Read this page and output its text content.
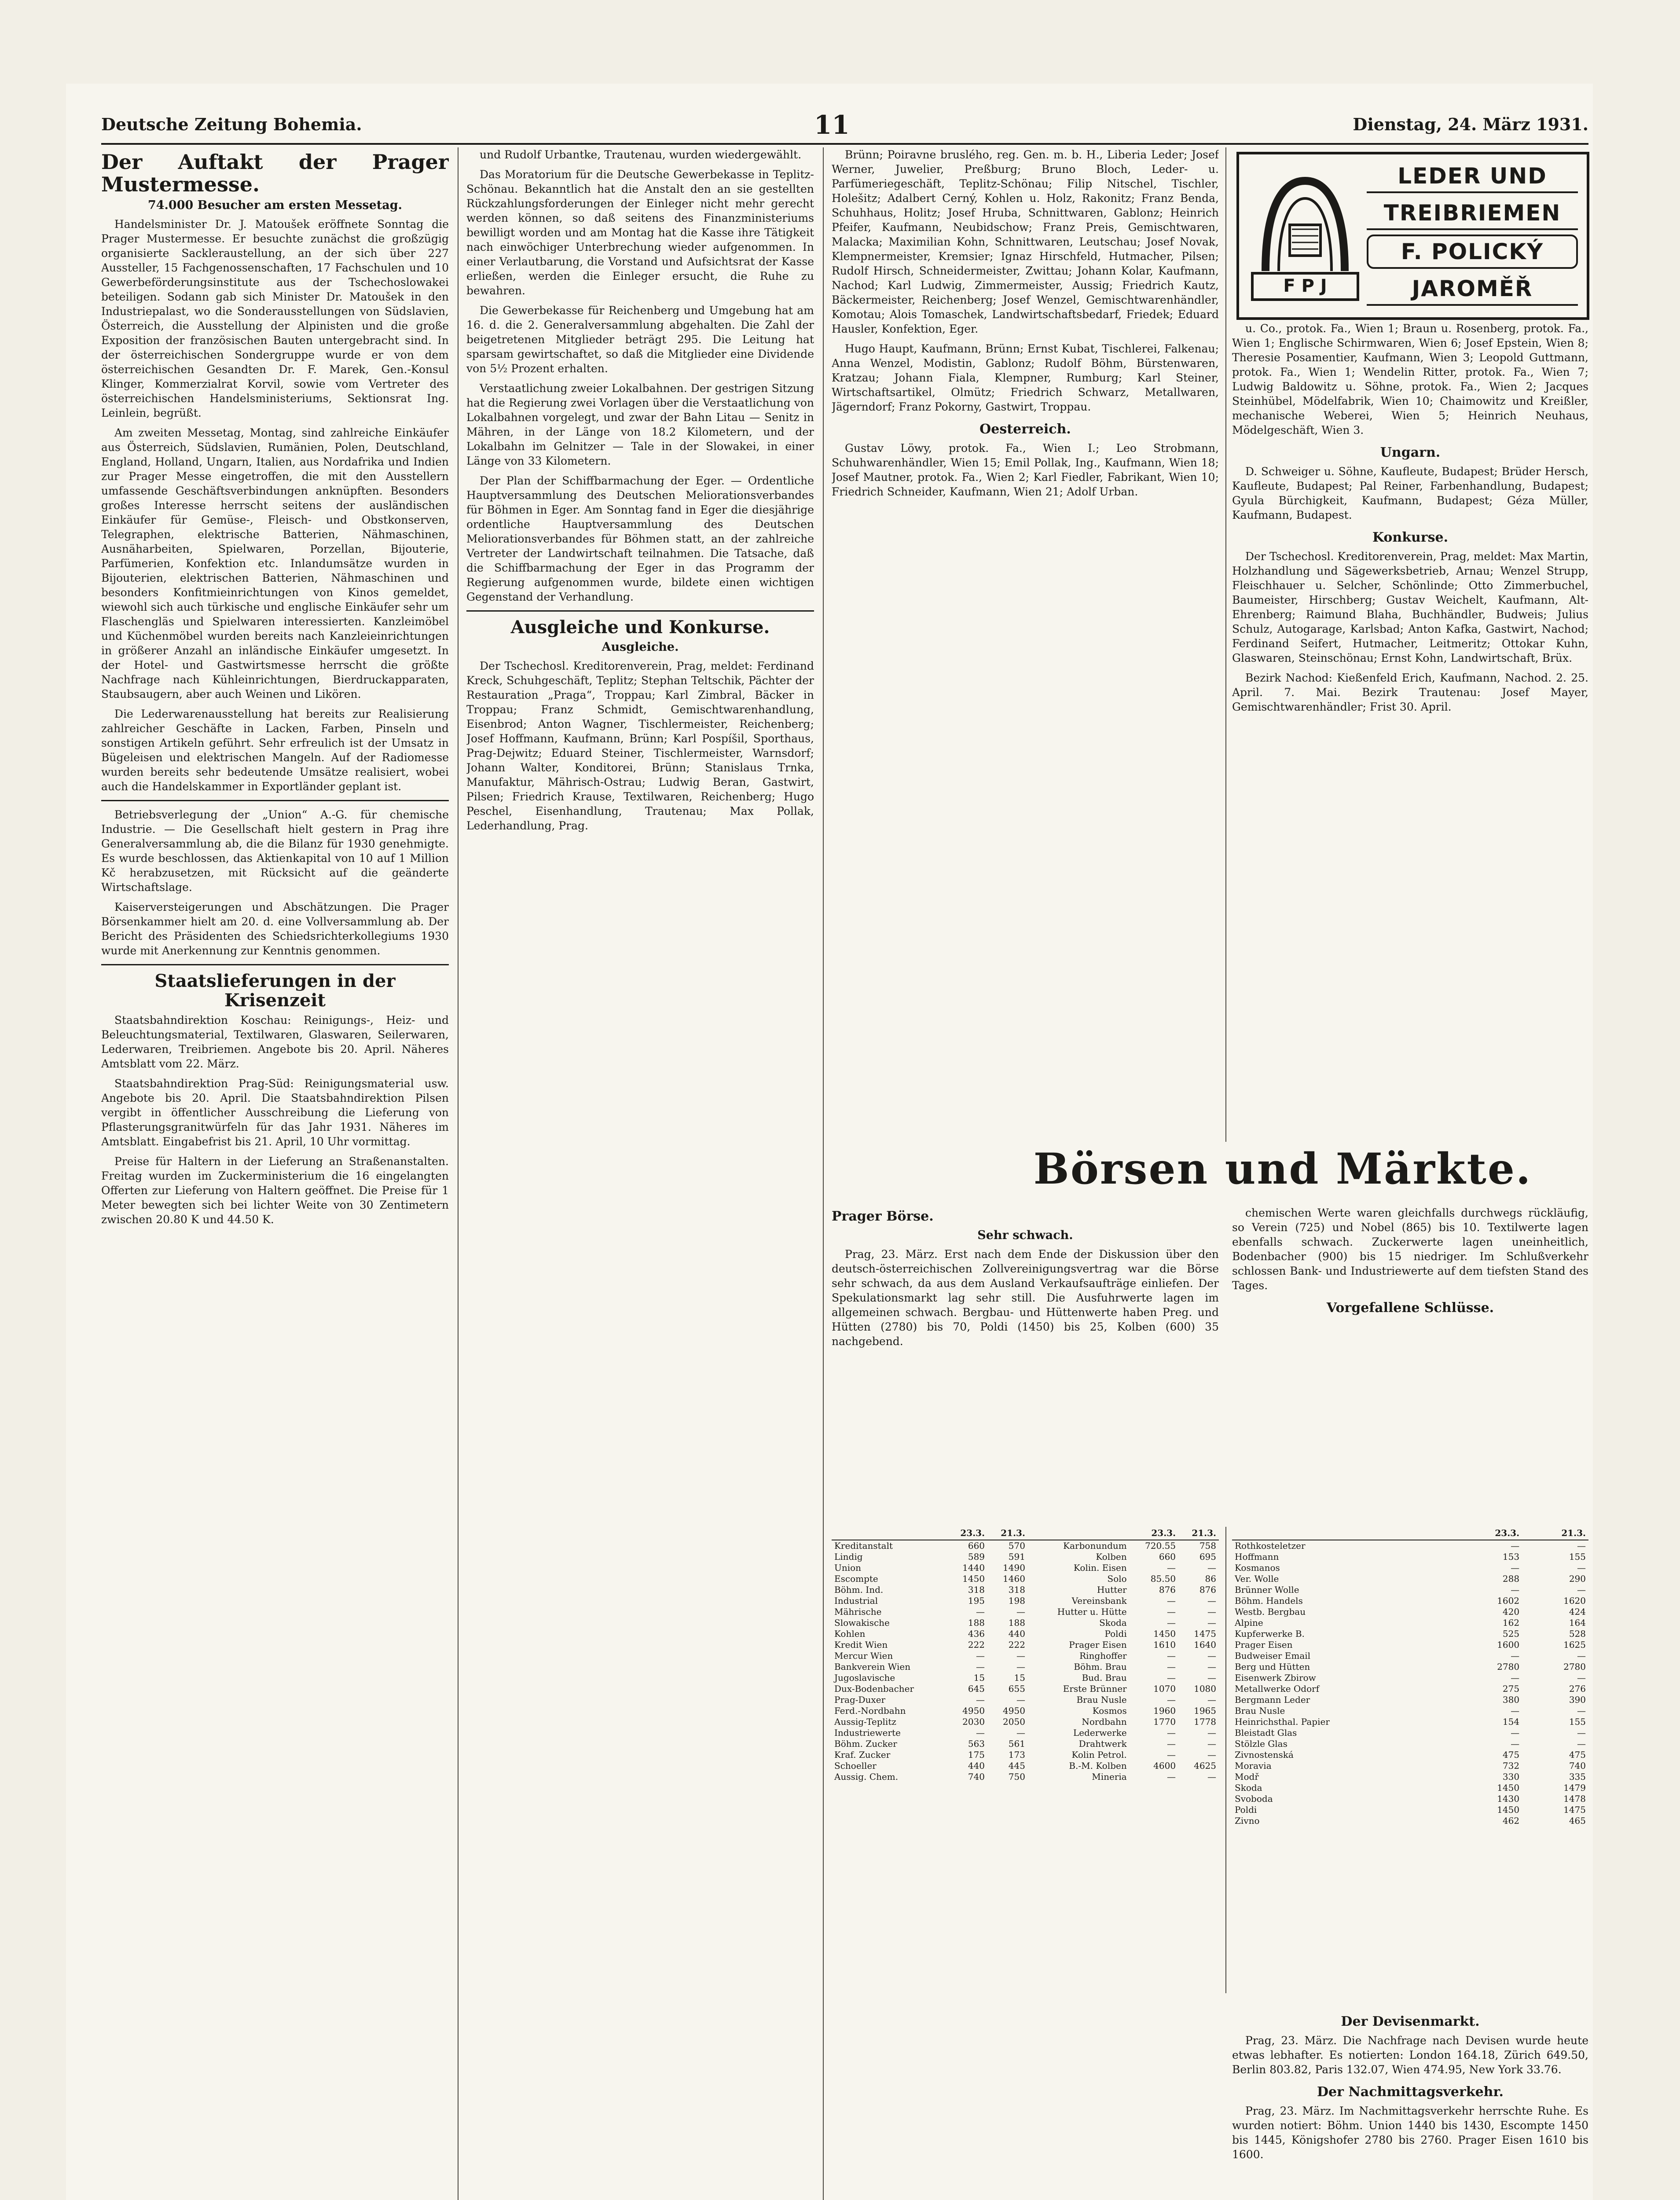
Deutsche Zeitung Bohemia.	11	Dienstag, 24. März 1931.
Der Auftakt der Prager Mustermesse.
74.000 Besucher am ersten Messetag.

Handelsminister Dr. J. Matoušek eröffnete Sonntag die Prager Mustermesse. Er besuchte zunächst die großzügig organisierte Sackleraustellung, an der sich über 227 Aussteller, 15 Fachgenossenschaften, 17 Fachschulen und 10 Gewerbeförderungsinstitute aus der Tschechoslowakei beteiligen. Sodann gab sich Minister Dr. Matoušek in den Industriepalast, wo die Sonderausstellungen von Südslavien, Österreich, die Ausstellung der Alpinisten und die große Exposition der französischen Bauten untergebracht sind. In der österreichischen Sondergruppe wurde er von dem österreichischen Gesandten Dr. F. Marek, Gen.-Konsul Klinger, Kommerzialrat Korvil, sowie vom Vertreter des österreichischen Handelsministeriums, Sektionsrat Ing. Leinlein, begrüßt.

Am zweiten Messetag, Montag, sind zahlreiche Einkäufer aus Österreich, Südslavien, Rumänien, Polen, Deutschland, England, Holland, Ungarn, Italien, aus Nordafrika und Indien zur Prager Messe eingetroffen, die mit den Ausstellern umfassende Geschäftsverbindungen anknüpften. Besonders großes Interesse herrscht seitens der ausländischen Einkäufer für Gemüse-, Fleisch- und Obstkonserven, Telegraphen, elektrische Batterien, Nähmaschinen, Ausnäharbeiten, Spielwaren, Porzellan, Bijouterie, Parfümerien, Konfektion etc. Inlandumsätze wurden in Bijouterien, elektrischen Batterien, Nähmaschinen und besonders Konfitmieinrichtungen von Kinos gemeldet, wiewohl sich auch türkische und englische Einkäufer sehr um Flaschengläs und Spielwaren interessierten. Kanzleimöbel und Küchenmöbel wurden bereits nach Kanzleieinrichtungen in größerer Anzahl an inländische Einkäufer umgesetzt. In der Hotel- und Gastwirtsmesse herrscht die größte Nachfrage nach Kühleinrichtungen, Bierdruckapparaten, Staubsaugern, aber auch Weinen und Likören.

Die Lederwarenausstellung hat bereits zur Realisierung zahlreicher Geschäfte in Lacken, Farben, Pinseln und sonstigen Artikeln geführt. Sehr erfreulich ist der Umsatz in Bügeleisen und elektrischen Mangeln. Auf der Radiomesse wurden bereits sehr bedeutende Umsätze realisiert, wobei auch die Handelskammer in Exportländer geplant ist.

Betriebsverlegung der „Union“ A.-G. für chemische Industrie. — Die Gesellschaft hielt gestern in Prag ihre Generalversammlung ab, die die Bilanz für 1930 genehmigte. Es wurde beschlossen, das Aktienkapital von 10 auf 1 Million Kč herabzusetzen, mit Rücksicht auf die geänderte Wirtschaftslage.

Kaiserversteigerungen und Abschätzungen. Die Prager Börsenkammer hielt am 20. d. eine Vollversammlung ab. Der Bericht des Präsidenten des Schiedsrichterkollegiums 1930 wurde mit Anerkennung zur Kenntnis genommen.

Staatslieferungen in der Krisenzeit

Staatsbahndirektion Koschau: Reinigungs-, Heiz- und Beleuchtungsmaterial, Textilwaren, Glaswaren, Seilerwaren, Lederwaren, Treibriemen. Angebote bis 20. April. Näheres Amtsblatt vom 22. März.

Staatsbahndirektion Prag-Süd: Reinigungsmaterial usw. Angebote bis 20. April. Die Staatsbahndirektion Pilsen vergibt in öffentlicher Ausschreibung die Lieferung von Pflasterungsgranitwürfeln für das Jahr 1931. Näheres im Amtsblatt. Eingabefrist bis 21. April, 10 Uhr vormittag.

Preise für Haltern in der Lieferung an Straßenanstalten. Freitag wurden im Zuckerministerium die 16 eingelangten Offerten zur Lieferung von Haltern geöffnet. Die Preise für 1 Meter bewegten sich bei lichter Weite von 30 Zentimetern zwischen 20.80 K und 44.50 K.

und Rudolf Urbantke, Trautenau, wurden wiedergewählt.

Das Moratorium für die Deutsche Gewerbekasse in Teplitz-Schönau. Bekanntlich hat die Anstalt den an sie gestellten Rückzahlungsforderungen der Einleger nicht mehr gerecht werden können, so daß seitens des Finanzministeriums bewilligt worden und am Montag hat die Kasse ihre Tätigkeit nach einwöchiger Unterbrechung wieder aufgenommen. In einer Verlautbarung, die Vorstand und Aufsichtsrat der Kasse erließen, werden die Einleger ersucht, die Ruhe zu bewahren.

Die Gewerbekasse für Reichenberg und Umgebung hat am 16. d. die 2. Generalversammlung abgehalten. Die Zahl der beigetretenen Mitglieder beträgt 295. Die Leitung hat sparsam gewirtschaftet, so daß die Mitglieder eine Dividende von 5½ Prozent erhalten.

Verstaatlichung zweier Lokalbahnen. Der gestrigen Sitzung hat die Regierung zwei Vorlagen über die Verstaatlichung von Lokalbahnen vorgelegt, und zwar der Bahn Litau — Senitz in Mähren, in der Länge von 18.2 Kilometern, und der Lokalbahn im Gelnitzer — Tale in der Slowakei, in einer Länge von 33 Kilometern.

Der Plan der Schiffbarmachung der Eger. — Ordentliche Hauptversammlung des Deutschen Meliorationsverbandes für Böhmen in Eger. Am Sonntag fand in Eger die diesjährige ordentliche Hauptversammlung des Deutschen Meliorationsverbandes für Böhmen statt, an der zahlreiche Vertreter der Landwirtschaft teilnahmen. Die Tatsache, daß die Schiffbarmachung der Eger in das Programm der Regierung aufgenommen wurde, bildete einen wichtigen Gegenstand der Verhandlung.

Ausgleiche und Konkurse.
Ausgleiche.

Der Tschechosl. Kreditorenverein, Prag, meldet: Ferdinand Kreck, Schuhgeschäft, Teplitz; Stephan Teltschik, Pächter der Restauration „Praga“, Troppau; Karl Zimbral, Bäcker in Troppau; Franz Schmidt, Gemischtwarenhandlung, Eisenbrod; Anton Wagner, Tischlermeister, Reichenberg; Josef Hoffmann, Kaufmann, Brünn; Karl Pospíšil, Sporthaus, Prag-Dejwitz; Eduard Steiner, Tischlermeister, Warnsdorf; Johann Walter, Konditorei, Brünn; Stanislaus Trnka, Manufaktur, Mährisch-Ostrau; Ludwig Beran, Gastwirt, Pilsen; Friedrich Krause, Textilwaren, Reichenberg; Hugo Peschel, Eisenhandlung, Trautenau; Max Pollak, Lederhandlung, Prag.

Brünn; Poiravne bruslého, reg. Gen. m. b. H., Liberia Leder; Josef Werner, Juwelier, Preßburg; Bruno Bloch, Leder- u. Parfümeriegeschäft, Teplitz-Schönau; Filip Nitschel, Tischler, Holešitz; Adalbert Cerný, Kohlen u. Holz, Rakonitz; Franz Benda, Schuhhaus, Holitz; Josef Hruba, Schnittwaren, Gablonz; Heinrich Pfeifer, Kaufmann, Neubidschow; Franz Preis, Gemischtwaren, Malacka; Maximilian Kohn, Schnittwaren, Leutschau; Josef Novak, Klempnermeister, Kremsier; Ignaz Hirschfeld, Hutmacher, Pilsen; Rudolf Hirsch, Schneidermeister, Zwittau; Johann Kolar, Kaufmann, Nachod; Karl Ludwig, Zimmermeister, Aussig; Friedrich Kautz, Bäckermeister, Reichenberg; Josef Wenzel, Gemischtwarenhändler, Komotau; Alois Tomaschek, Landwirtschaftsbedarf, Friedek; Eduard Hausler, Konfektion, Eger.

Hugo Haupt, Kaufmann, Brünn; Ernst Kubat, Tischlerei, Falkenau; Anna Wenzel, Modistin, Gablonz; Rudolf Böhm, Bürstenwaren, Kratzau; Johann Fiala, Klempner, Rumburg; Karl Steiner, Wirtschaftsartikel, Olmütz; Friedrich Schwarz, Metallwaren, Jägerndorf; Franz Pokorny, Gastwirt, Troppau.

Oesterreich.

Gustav Löwy, protok. Fa., Wien I.; Leo Strobmann, Schuhwarenhändler, Wien 15; Emil Pollak, Ing., Kaufmann, Wien 18; Josef Mautner, protok. Fa., Wien 2; Karl Fiedler, Fabrikant, Wien 10; Friedrich Schneider, Kaufmann, Wien 21; Adolf Urban.

F P J
LEDER UND
TREIBRIEMEN
F. POLICKÝ
JAROMĚŘ

u. Co., protok. Fa., Wien 1; Braun u. Rosenberg, protok. Fa., Wien 1; Englische Schirmwaren, Wien 6; Josef Epstein, Wien 8; Theresie Posamentier, Kaufmann, Wien 3; Leopold Guttmann, protok. Fa., Wien 1; Wendelin Ritter, protok. Fa., Wien 7; Ludwig Baldowitz u. Söhne, protok. Fa., Wien 2; Jacques Steinhübel, Mödelfabrik, Wien 10; Chaimowitz und Kreißler, mechanische Weberei, Wien 5; Heinrich Neuhaus, Mödelgeschäft, Wien 3.

Ungarn.

D. Schweiger u. Söhne, Kaufleute, Budapest; Brüder Hersch, Kaufleute, Budapest; Pal Reiner, Farbenhandlung, Budapest; Gyula Bürchigkeit, Kaufmann, Budapest; Géza Müller, Kaufmann, Budapest.

Konkurse.

Der Tschechosl. Kreditorenverein, Prag, meldet: Max Martin, Holzhandlung und Sägewerksbetrieb, Arnau; Wenzel Strupp, Fleischhauer u. Selcher, Schönlinde; Otto Zimmerbuchel, Baumeister, Hirschberg; Gustav Weichelt, Kaufmann, Alt-Ehrenberg; Raimund Blaha, Buchhändler, Budweis; Julius Schulz, Autogarage, Karlsbad; Anton Kafka, Gastwirt, Nachod; Ferdinand Seifert, Hutmacher, Leitmeritz; Ottokar Kuhn, Glaswaren, Steinschönau; Ernst Kohn, Landwirtschaft, Brüx.

Bezirk Nachod: Kießenfeld Erich, Kaufmann, Nachod. 2. 25. April. 7. Mai. Bezirk Trautenau: Josef Mayer, Gemischtwarenhändler; Frist 30. April.

Börsen und Märkte.
Prager Börse.
Sehr schwach.

Prag, 23. März. Erst nach dem Ende der Diskussion über den deutsch-österreichischen Zollvereinigungsvertrag war die Börse sehr schwach, da aus dem Ausland Verkaufsaufträge einliefen. Der Spekulationsmarkt lag sehr still. Die Ausfuhrwerte lagen im allgemeinen schwach. Bergbau- und Hüttenwerte haben Preg. und Hütten (2780) bis 70, Poldi (1450) bis 25, Kolben (600) 35 nachgebend.

chemischen Werte waren gleichfalls durchwegs rückläufig, so Verein (725) und Nobel (865) bis 10. Textilwerte lagen ebenfalls schwach. Zuckerwerte lagen uneinheitlich, Bodenbacher (900) bis 15 niedriger. Im Schlußverkehr schlossen Bank- und Industriewerte auf dem tiefsten Stand des Tages.

Vorgefallene Schlüsse.
	23.3.	21.3.		23.3.	21.3.
Kreditanstalt	660	570	Karbonundum	720.55	758
Lindig	589	591	Kolben	660	695
Union	1440	1490	Kolin. Eisen	—	—
Escompte	1450	1460	Solo	85.50	86
Böhm. Ind.	318	318	Hutter	876	876
Industrial	195	198	Vereinsbank	—	—
Mährische	—	—	Hutter u. Hütte	—	—
Slowakische	188	188	Skoda	—	—
Kohlen	436	440	Poldi	1450	1475
Kredit Wien	222	222	Prager Eisen	1610	1640
Mercur Wien	—	—	Ringhoffer	—	—
Bankverein Wien	—	—	Böhm. Brau	—	—
Jugoslavische	15	15	Bud. Brau	—	—
Dux-Bodenbacher	645	655	Erste Brünner	1070	1080
Prag-Duxer	—	—	Brau Nusle	—	—
Ferd.-Nordbahn	4950	4950	Kosmos	1960	1965
Aussig-Teplitz	2030	2050	Nordbahn	1770	1778
Industriewerte	—	—	Lederwerke	—	—
Böhm. Zucker	563	561	Drahtwerk	—	—
Kraf. Zucker	175	173	Kolin Petrol.	—	—
Schoeller	440	445	B.-M. Kolben	4600	4625
Aussig. Chem.	740	750	Mineria	—	—
	23.3.	21.3.
Rothkosteletzer	—	—
Hoffmann	153	155
Kosmanos	—	—
Ver. Wolle	288	290
Brünner Wolle	—	—
Böhm. Handels	1602	1620
Westb. Bergbau	420	424
Alpine	162	164
Kupferwerke B.	525	528
Prager Eisen	1600	1625
Budweiser Email	—	—
Berg und Hütten	2780	2780
Eisenwerk Zbirow	—	—
Metallwerke Odorf	275	276
Bergmann Leder	380	390
Brau Nusle	—	—
Heinrichsthal. Papier	154	155
Bleistadt Glas	—	—
Stölzle Glas	—	—
Zivnostenská	475	475
Moravia	732	740
Modř	330	335
Skoda	1450	1479
Svoboda	1430	1478
Poldi	1450	1475
Zivno	462	465
Der Devisenmarkt.

Prag, 23. März. Die Nachfrage nach Devisen wurde heute etwas lebhafter. Es notierten: London 164.18, Zürich 649.50, Berlin 803.82, Paris 132.07, Wien 474.95, New York 33.76.

Der Nachmittagsverkehr.

Prag, 23. März. Im Nachmittagsverkehr herrschte Ruhe. Es wurden notiert: Böhm. Union 1440 bis 1430, Escompte 1450 bis 1445, Königshofer 2780 bis 2760. Prager Eisen 1610 bis 1600.
